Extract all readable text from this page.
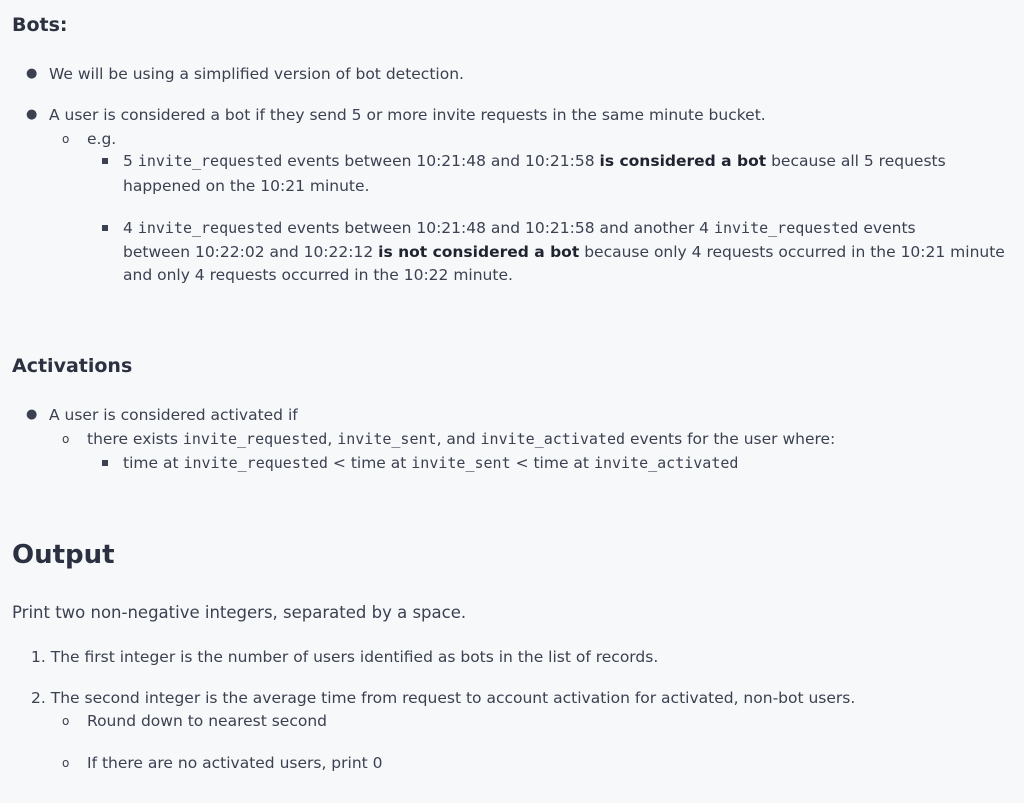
Bots:
● We will be using a simplified version of bot detection.
● A user is considered a bot if they send 5 or more invite requests in the same minute bucket.
o e.g.
5 invite_requested events between 10:21:48 and 10:21:58 is considered a bot because all 5 requests
happened on the 10:21 minute.
4 invite_requested events between 10:21:48 and 10:21:58 and another 4 invite_requested events
between 10:22:02 and 10:22:12 is not considered a bot because only 4 requests occurred in the 10:21 minute
and only 4 requests occurred in the 10:22 minute.
Activations
● A user is considered activated if
o there exists invite_requested, invite_sent, and invite_activated events for the user where:
time at invite_requested < time at invite_sent < time at invite_activated
Output
Print two non-negative integers, separated by a space.
1. The first integer is the number of users identified as bots in the list of records.
2. The second integer is the average time from request to account activation for activated, non-bot users.
o Round down to nearest second
o If there are no activated users, print 0
